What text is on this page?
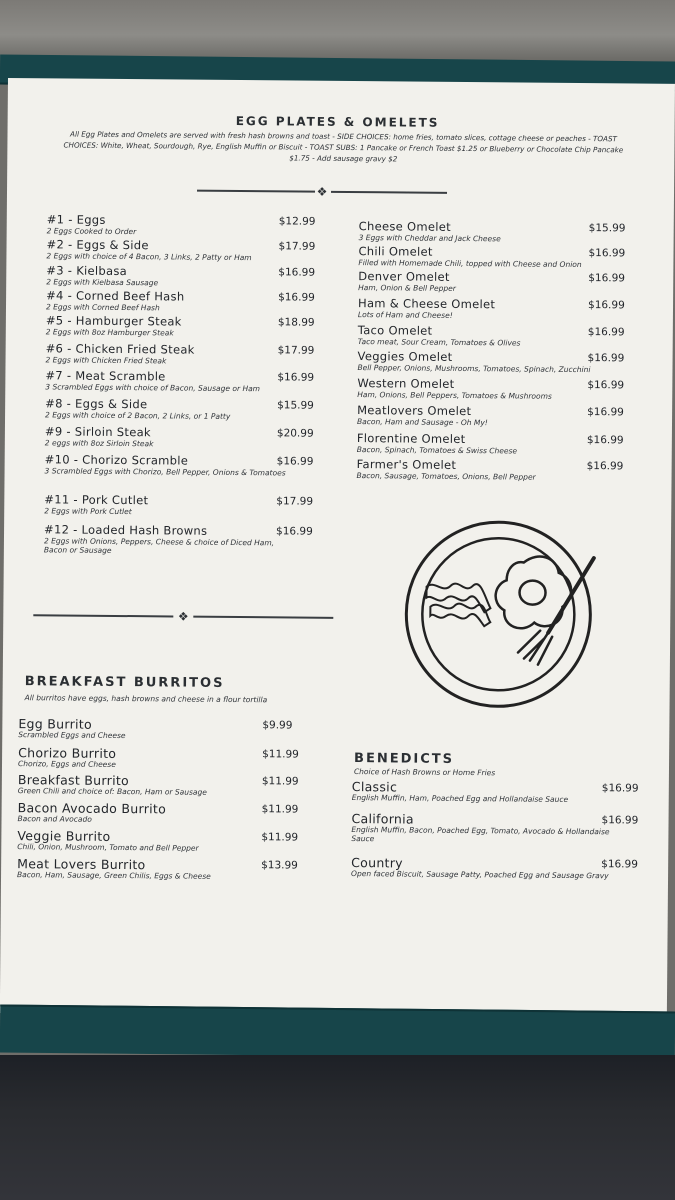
EGG PLATES & OMELETS
All Egg Plates and Omelets are served with fresh hash browns and toast - SIDE CHOICES: home fries, tomato slices, cottage cheese or peaches - TOAST CHOICES: White, Wheat, Sourdough, Rye, English Muffin or Biscuit - TOAST SUBS: 1 Pancake or French Toast $1.25 or Blueberry or Chocolate Chip Pancake $1.75 - Add sausage gravy $2
❖
#1 - Eggs	$12.99
2 Eggs Cooked to Order
#2 - Eggs & Side	$17.99
2 Eggs with choice of 4 Bacon, 3 Links, 2 Patty or Ham
#3 - Kielbasa	$16.99
2 Eggs with Kielbasa Sausage
#4 - Corned Beef Hash	$16.99
2 Eggs with Corned Beef Hash
#5 - Hamburger Steak	$18.99
2 Eggs with 8oz Hamburger Steak
#6 - Chicken Fried Steak	$17.99
2 Eggs with Chicken Fried Steak
#7 - Meat Scramble	$16.99
3 Scrambled Eggs with choice of Bacon, Sausage or Ham
#8 - Eggs & Side	$15.99
2 Eggs with choice of 2 Bacon, 2 Links, or 1 Patty
#9 - Sirloin Steak	$20.99
2 eggs with 8oz Sirloin Steak
#10 - Chorizo Scramble	$16.99
3 Scrambled Eggs with Chorizo, Bell Pepper, Onions & Tomatoes
#11 - Pork Cutlet	$17.99
2 Eggs with Pork Cutlet
#12 - Loaded Hash Browns	$16.99
2 Eggs with Onions, Peppers, Cheese & choice of Diced Ham, Bacon or Sausage
Cheese Omelet	$15.99
3 Eggs with Cheddar and Jack Cheese
Chili Omelet	$16.99
Filled with Homemade Chili, topped with Cheese and Onion
Denver Omelet	$16.99
Ham, Onion & Bell Pepper
Ham & Cheese Omelet	$16.99
Lots of Ham and Cheese!
Taco Omelet	$16.99
Taco meat, Sour Cream, Tomatoes & Olives
Veggies Omelet	$16.99
Bell Pepper, Onions, Mushrooms, Tomatoes, Spinach, Zucchini
Western Omelet	$16.99
Ham, Onions, Bell Peppers, Tomatoes & Mushrooms
Meatlovers Omelet	$16.99
Bacon, Ham and Sausage - Oh My!
Florentine Omelet	$16.99
Bacon, Spinach, Tomatoes & Swiss Cheese
Farmer's Omelet	$16.99
Bacon, Sausage, Tomatoes, Onions, Bell Pepper
❖
BREAKFAST BURRITOS
All burritos have eggs, hash browns and cheese in a flour tortilla
Egg Burrito	$9.99
Scrambled Eggs and Cheese
Chorizo Burrito	$11.99
Chorizo, Eggs and Cheese
Breakfast Burrito	$11.99
Green Chili and choice of: Bacon, Ham or Sausage
Bacon Avocado Burrito	$11.99
Bacon and Avocado
Veggie Burrito	$11.99
Chili, Onion, Mushroom, Tomato and Bell Pepper
Meat Lovers Burrito	$13.99
Bacon, Ham, Sausage, Green Chilis, Eggs & Cheese
BENEDICTS
Choice of Hash Browns or Home Fries
Classic	$16.99
English Muffin, Ham, Poached Egg and Hollandaise Sauce
California	$16.99
English Muffin, Bacon, Poached Egg, Tomato, Avocado & Hollandaise Sauce
Country	$16.99
Open faced Biscuit, Sausage Patty, Poached Egg and Sausage Gravy
